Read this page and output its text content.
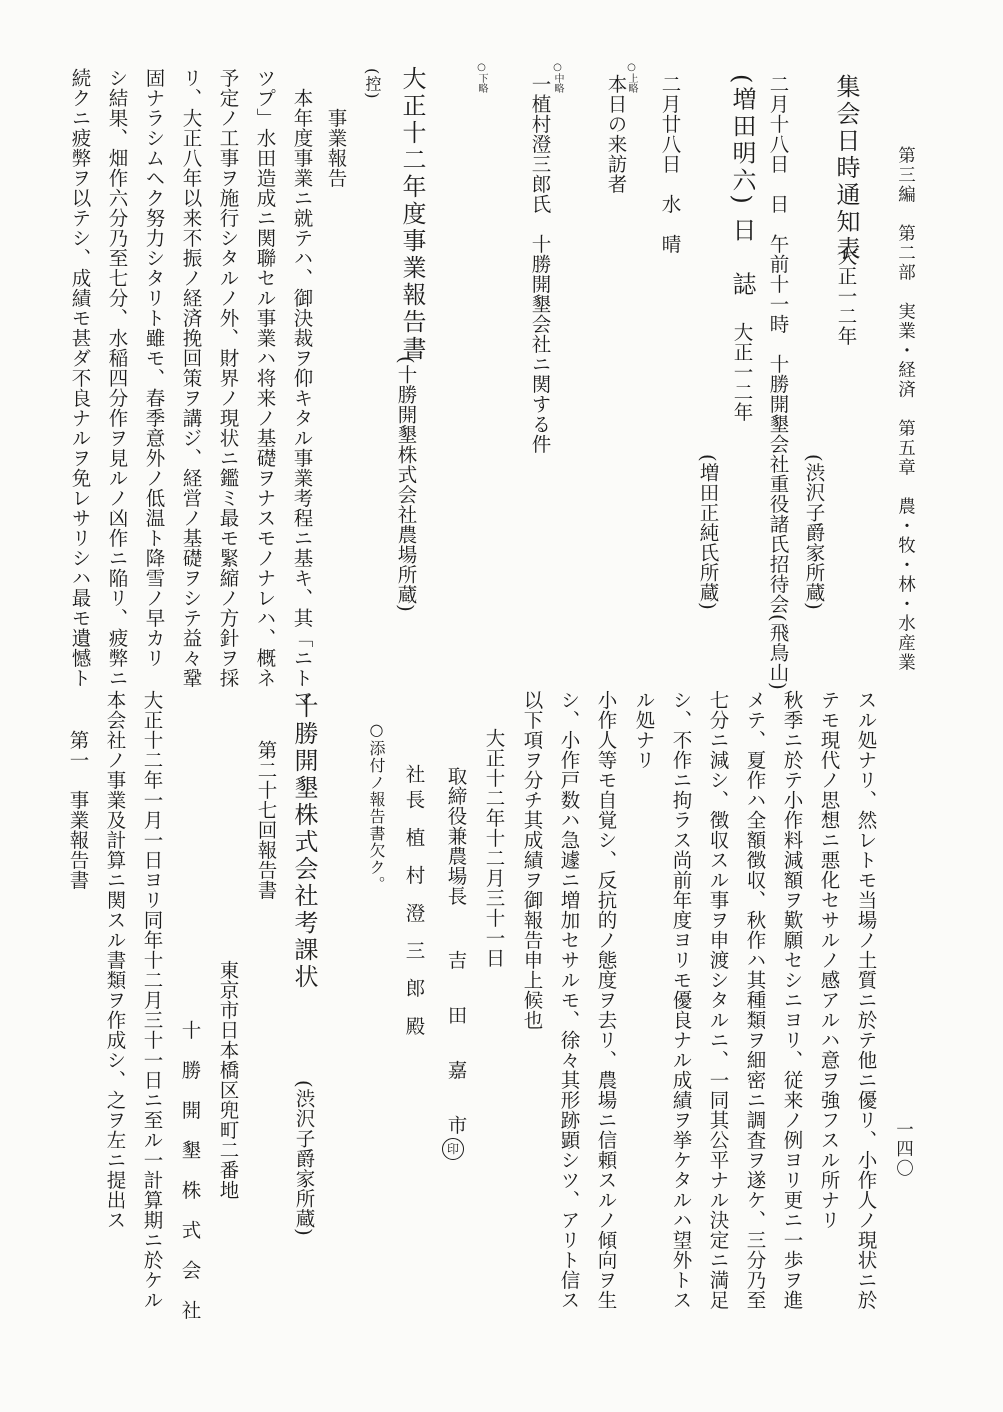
第三編　第二部　実業・経済　第五章　農・牧・林・水産業
集会日時通知表
大正一二年
(渋沢子爵家所蔵)
二月十八日　日　午前十一時　十勝開墾会社重役諸氏招待会(飛鳥山)
(増田明六) 日　誌
大正一二年
(増田正純氏所蔵)
二月廿八日　水　晴
○上略
本日の来訪者
○中略
一植村澄三郎氏　十勝開墾会社ニ関する件
○下略
大正十二年度事業報告書
(十勝開墾株式会社農場所蔵)
(控)
事業報告
本年度事業ニ就テハ、御決裁ヲ仰キタル事業考程ニ基キ、其「ニトマ
ツプ」水田造成ニ関聯セル事業ハ将来ノ基礎ヲナスモノナレハ、概ネ
予定ノ工事ヲ施行シタルノ外、財界ノ現状ニ鑑ミ最モ緊縮ノ方針ヲ採
リ、大正八年以来不振ノ経済挽回策ヲ講ジ、経営ノ基礎ヲシテ益々鞏
固ナラシムヘク努力シタリト雖モ、春季意外ノ低温ト降雪ノ早カリ
シ結果、畑作六分乃至七分、水稲四分作ヲ見ルノ凶作ニ陥リ、疲弊ニ
続クニ疲弊ヲ以テシ、成績モ甚ダ不良ナルヲ免レサリシハ最モ遺憾ト
一四〇
スル処ナリ、然レトモ当場ノ土質ニ於テ他ニ優リ、小作人ノ現状ニ於
テモ現代ノ思想ニ悪化セサルノ感アルハ意ヲ強フスル所ナリ
秋季ニ於テ小作料減額ヲ歎願セシニヨリ、従来ノ例ヨリ更ニ一歩ヲ進
メテ、夏作ハ全額徴収、秋作ハ其種類ヲ細密ニ調査ヲ遂ケ、三分乃至
七分ニ減シ、徴収スル事ヲ申渡シタルニ、一同其公平ナル決定ニ満足
シ、不作ニ拘ラス尚前年度ヨリモ優良ナル成績ヲ挙ケタルハ望外トス
ル処ナリ
小作人等モ自覚シ、反抗的ノ態度ヲ去リ、農場ニ信頼スルノ傾向ヲ生
シ、小作戸数ハ急遽ニ増加セサルモ、徐々其形跡顕シツ、アリト信ス
以下項ヲ分チ其成績ヲ御報告申上候也
大正十二年十二月三十一日
取締役兼農場長
吉　田　嘉　市
印
社長 植 村 澄 三 郎 殿
○添付ノ報告書欠ク。
十勝開墾株式会社考課状
(渋沢子爵家所蔵)
第二十七回報告書
東京市日本橋区兜町二番地
十　勝　開　墾　株　式　会　社
大正十二年一月一日ヨリ同年十二月三十一日ニ至ル一計算期ニ於ケル
本会社ノ事業及計算ニ関スル書類ヲ作成シ、之ヲ左ニ提出ス
第一　事業報告書
